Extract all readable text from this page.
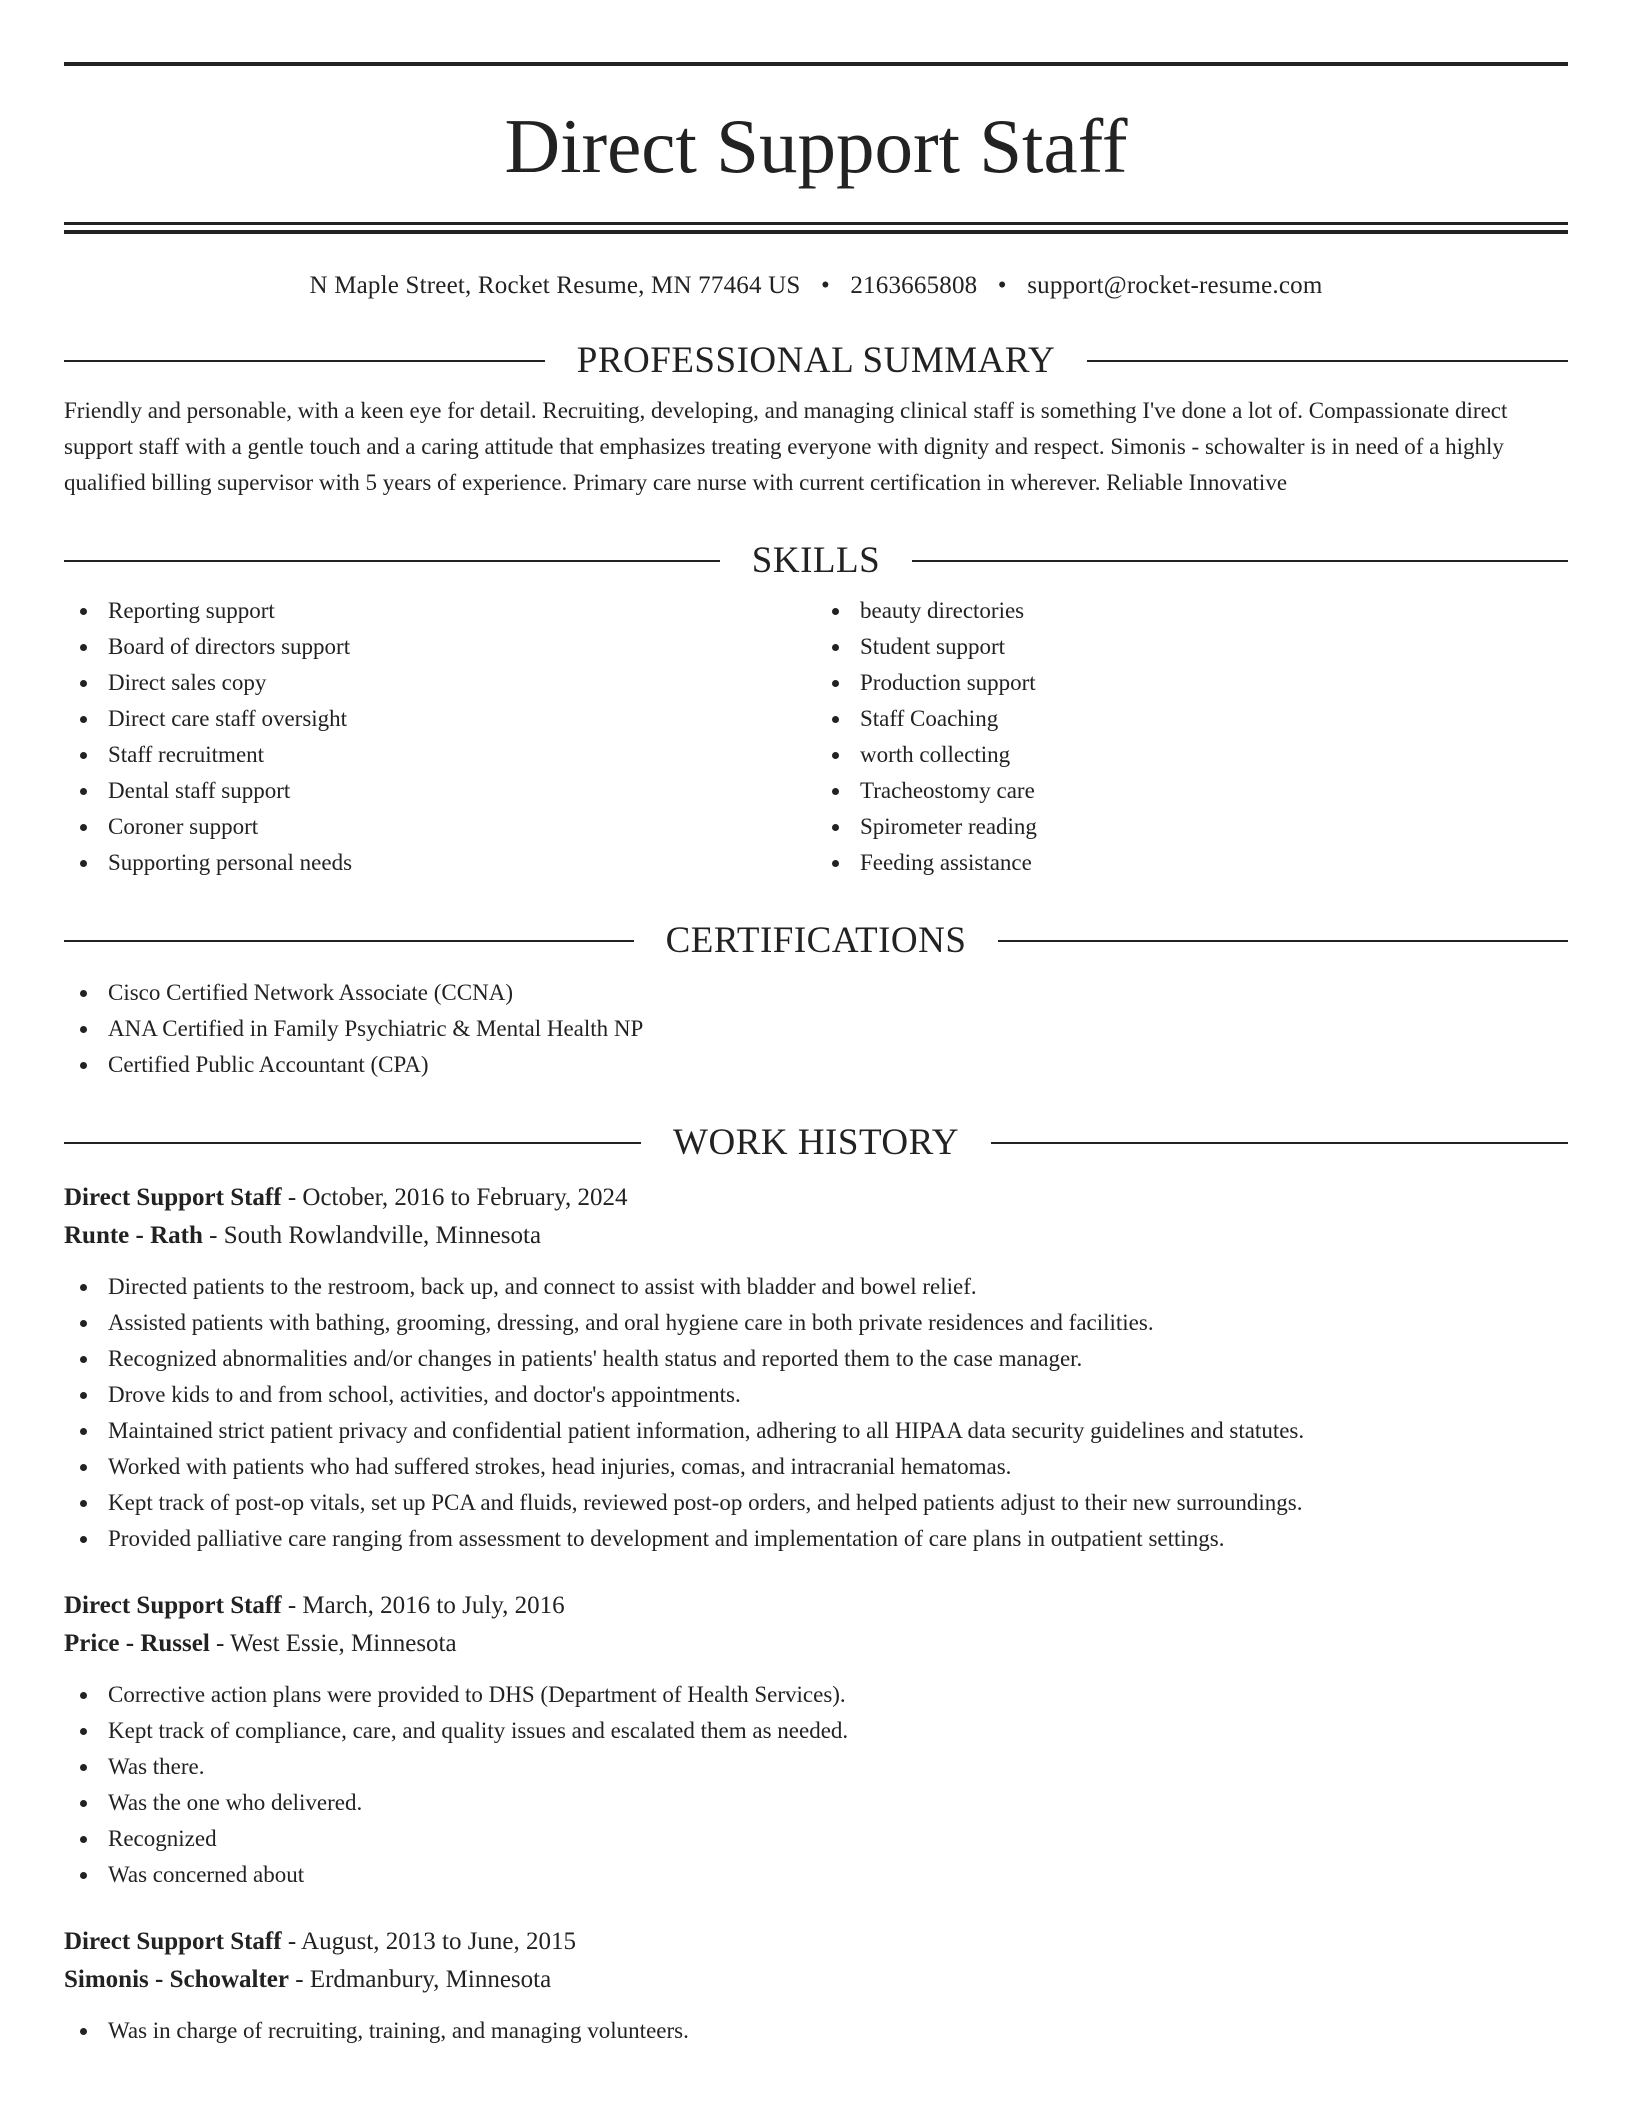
Direct Support Staff
N Maple Street, Rocket Resume, MN 77464 US • 2163665808 • support@rocket-resume.com
PROFESSIONAL SUMMARY

Friendly and personable, with a keen eye for detail. Recruiting, developing, and managing clinical staff is something I've done a lot of. Compassionate direct support staff with a gentle touch and a caring attitude that emphasizes treating everyone with dignity and respect. Simonis - schowalter is in need of a highly qualified billing supervisor with 5 years of experience. Primary care nurse with current certification in wherever. Reliable Innovative

SKILLS
Reporting support
Board of directors support
Direct sales copy
Direct care staff oversight
Staff recruitment
Dental staff support
Coroner support
Supporting personal needs
beauty directories
Student support
Production support
Staff Coaching
worth collecting
Tracheostomy care
Spirometer reading
Feeding assistance
CERTIFICATIONS
Cisco Certified Network Associate (CCNA)
ANA Certified in Family Psychiatric & Mental Health NP
Certified Public Accountant (CPA)
WORK HISTORY
Direct Support Staff - October, 2016 to February, 2024
Runte - Rath - South Rowlandville, Minnesota
Directed patients to the restroom, back up, and connect to assist with bladder and bowel relief.
Assisted patients with bathing, grooming, dressing, and oral hygiene care in both private residences and facilities.
Recognized abnormalities and/or changes in patients' health status and reported them to the case manager.
Drove kids to and from school, activities, and doctor's appointments.
Maintained strict patient privacy and confidential patient information, adhering to all HIPAA data security guidelines and statutes.
Worked with patients who had suffered strokes, head injuries, comas, and intracranial hematomas.
Kept track of post-op vitals, set up PCA and fluids, reviewed post-op orders, and helped patients adjust to their new surroundings.
Provided palliative care ranging from assessment to development and implementation of care plans in outpatient settings.
Direct Support Staff - March, 2016 to July, 2016
Price - Russel - West Essie, Minnesota
Corrective action plans were provided to DHS (Department of Health Services).
Kept track of compliance, care, and quality issues and escalated them as needed.
Was there.
Was the one who delivered.
Recognized
Was concerned about
Direct Support Staff - August, 2013 to June, 2015
Simonis - Schowalter - Erdmanbury, Minnesota
Was in charge of recruiting, training, and managing volunteers.
